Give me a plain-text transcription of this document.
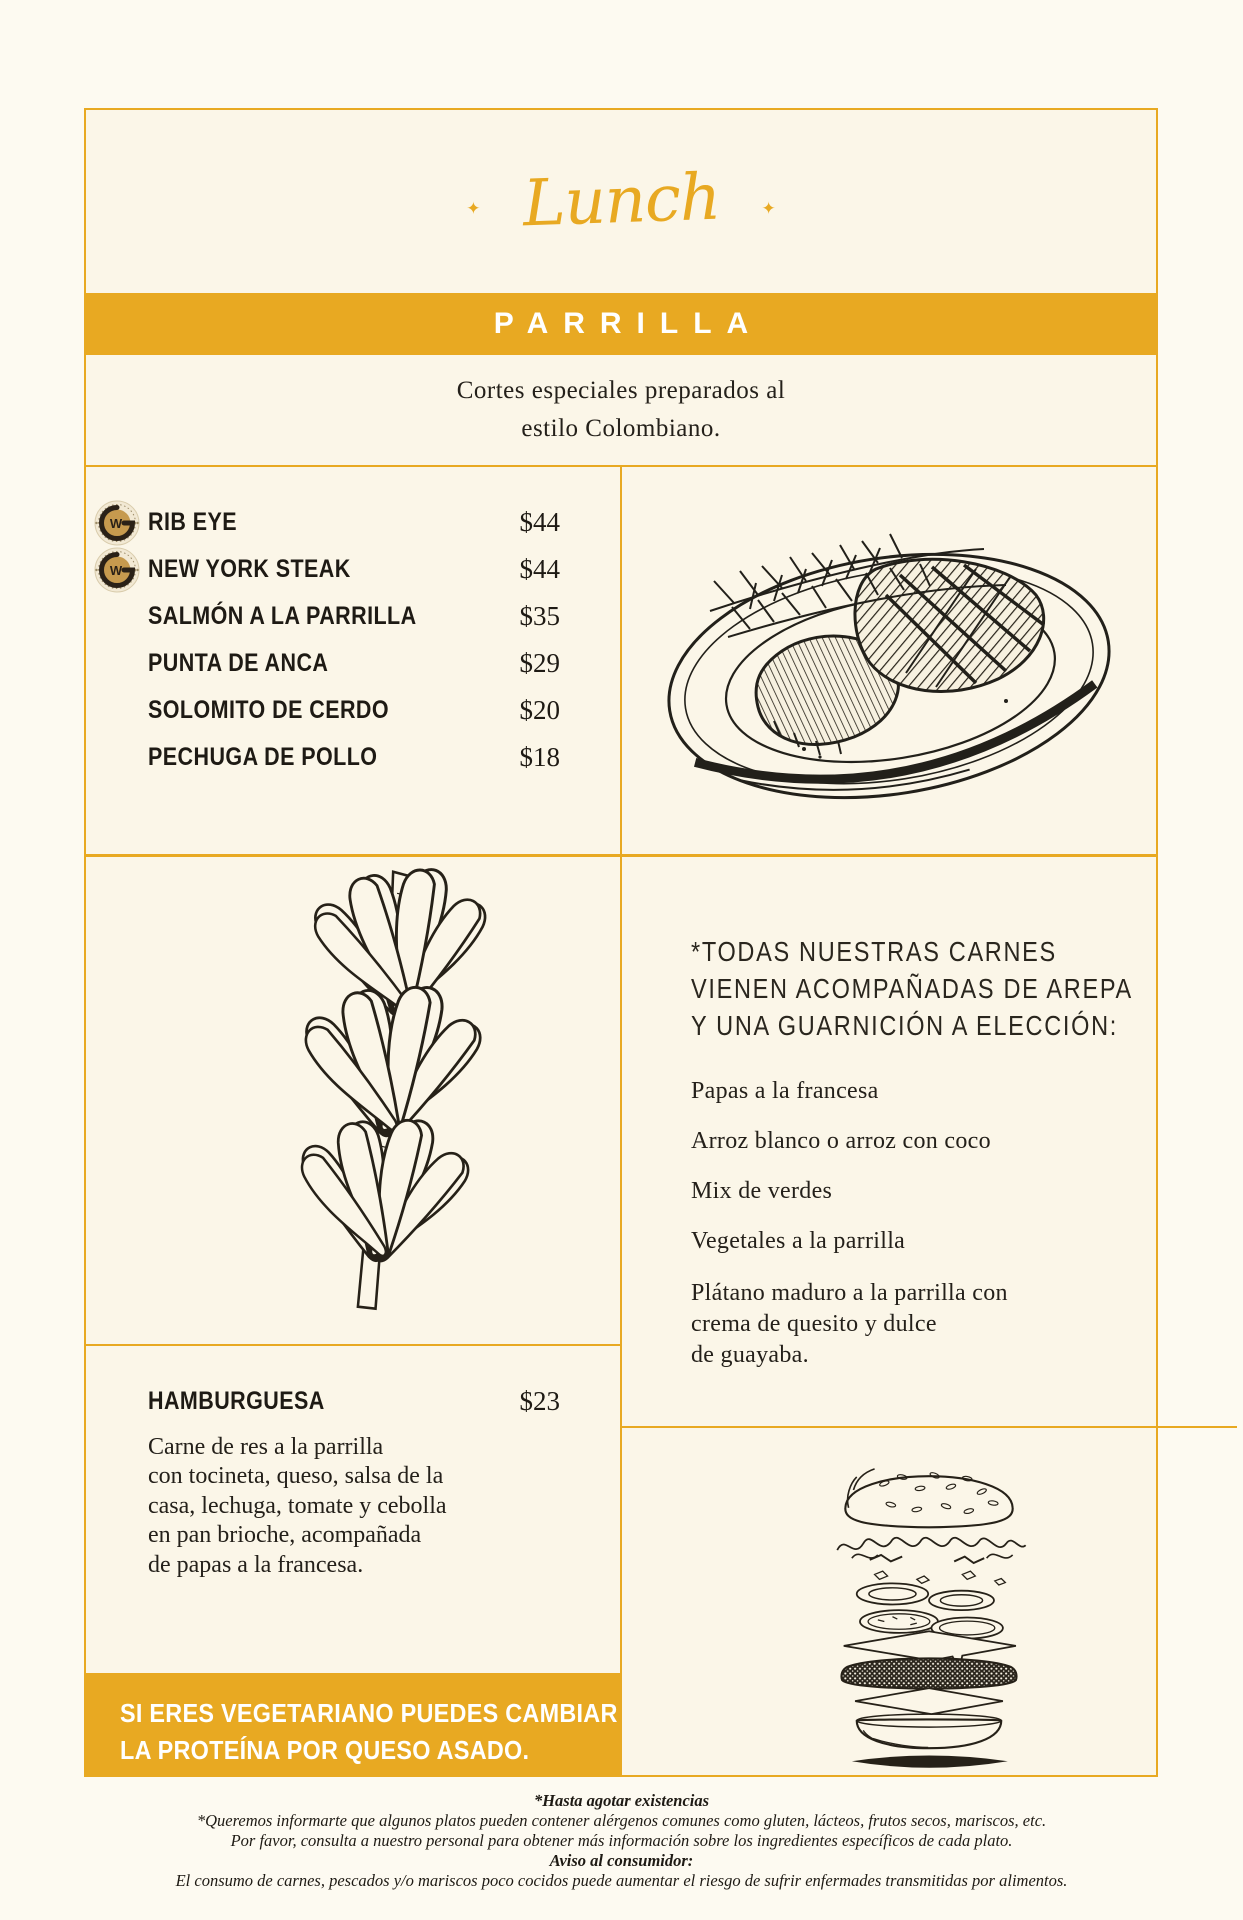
✦ Lunch ✦
PARRILLA
Cortes especiales preparados al
estilo Colombiano.
W RIB EYE	$44
W NEW YORK STEAK	$44
SALMÓN A LA PARRILLA	$35
PUNTA DE ANCA	$29
SOLOMITO DE CERDO	$20
PECHUGA DE POLLO	$18
HAMBURGUESA	$23
Carne de res a la parrilla
con tocineta, queso, salsa de la
casa, lechuga, tomate y cebolla
en pan brioche, acompañada
de papas a la francesa.
SI ERES VEGETARIANO PUEDES CAMBIAR
LA PROTEÍNA POR QUESO ASADO.
*TODAS NUESTRAS CARNES
VIENEN ACOMPAÑADAS DE AREPA
Y UNA GUARNICIÓN A ELECCIÓN:
Papas a la francesa
Arroz blanco o arroz con coco
Mix de verdes
Vegetales a la parrilla
Plátano maduro a la parrilla con
crema de quesito y dulce
de guayaba.
*Hasta agotar existencias
*Queremos informarte que algunos platos pueden contener alérgenos comunes como gluten, lácteos, frutos secos, mariscos, etc.
Por favor, consulta a nuestro personal para obtener más información sobre los ingredientes específicos de cada plato.
Aviso al consumidor:
El consumo de carnes, pescados y/o mariscos poco cocidos puede aumentar el riesgo de sufrir enfermades transmitidas por alimentos.
